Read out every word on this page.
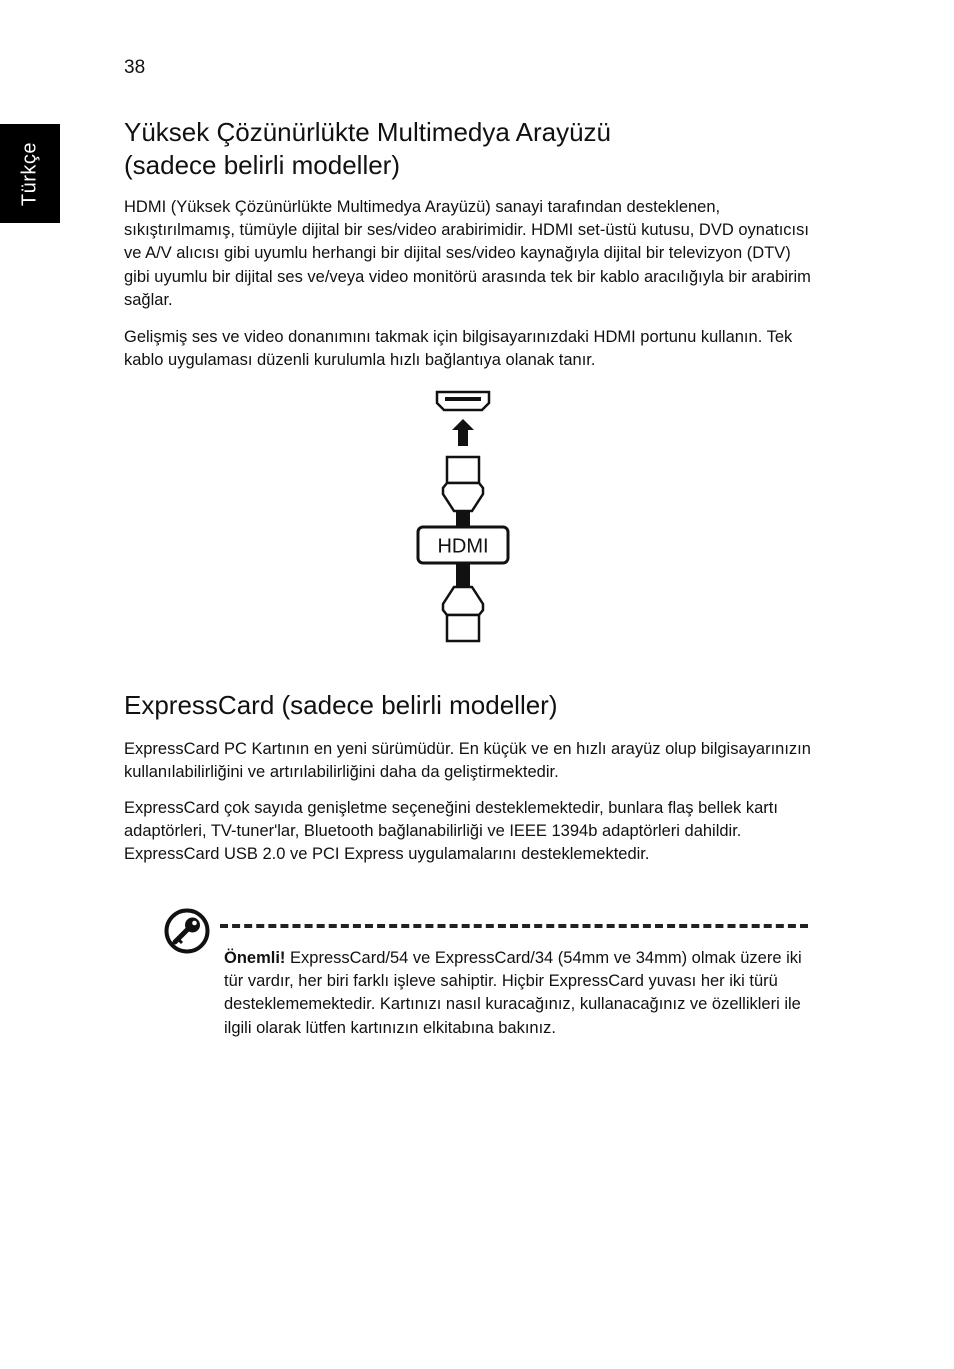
38
Türkçe
Yüksek Çözünürlükte Multimedya Arayüzü
(sadece belirli modeller)

HDMI (Yüksek Çözünürlükte Multimedya Arayüzü) sanayi tarafından desteklenen, sıkıştırılmamış, tümüyle dijital bir ses/video arabirimidir. HDMI set-üstü kutusu, DVD oynatıcısı ve A/V alıcısı gibi uyumlu herhangi bir dijital ses/video kaynağıyla dijital bir televizyon (DTV) gibi uyumlu bir dijital ses ve/veya video monitörü arasında tek bir kablo aracılığıyla bir arabirim sağlar.

Gelişmiş ses ve video donanımını takmak için bilgisayarınızdaki HDMI portunu kullanın. Tek kablo uygulaması düzenli kurulumla hızlı bağlantıya olanak tanır.

HDMI
ExpressCard (sadece belirli modeller)

ExpressCard PC Kartının en yeni sürümüdür. En küçük ve en hızlı arayüz olup bilgisayarınızın kullanılabilirliğini ve artırılabilirliğini daha da geliştirmektedir.

ExpressCard çok sayıda genişletme seçeneğini desteklemektedir, bunlara flaş bellek kartı adaptörleri, TV-tuner'lar, Bluetooth bağlanabilirliği ve IEEE 1394b adaptörleri dahildir. ExpressCard USB 2.0 ve PCI Express uygulamalarını desteklemektedir.

Önemli! ExpressCard/54 ve ExpressCard/34 (54mm ve 34mm) olmak üzere iki tür vardır, her biri farklı işleve sahiptir. Hiçbir ExpressCard yuvası her iki türü desteklememektedir. Kartınızı nasıl kuracağınız, kullanacağınız ve özellikleri ile ilgili olarak lütfen kartınızın elkitabına bakınız.
